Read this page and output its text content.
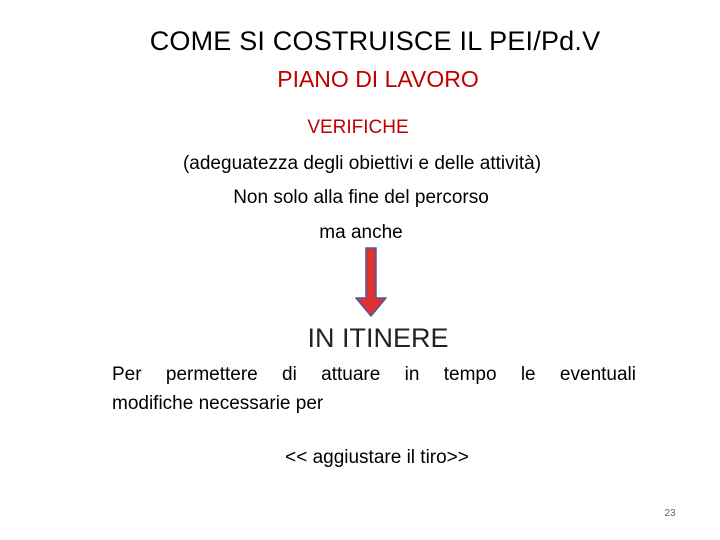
COME SI COSTRUISCE IL PEI/Pd.V
PIANO DI LAVORO
VERIFICHE
(adeguatezza degli obiettivi e delle attività)
Non solo alla fine del percorso
ma anche
IN ITINERE
Per permettere di attuare in tempo le eventuali
modifiche necessarie per
<< aggiustare il tiro>>
23
